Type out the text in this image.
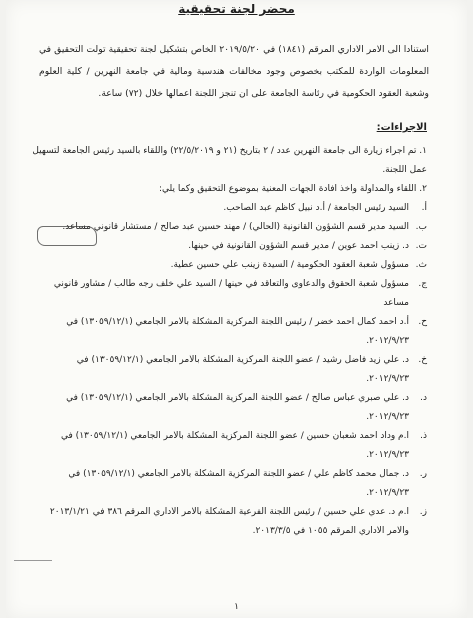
محضر لجنة تحقيقية

استنادا الى الامر الاداري المرقم (١٨٤١) في ٢٠١٩/٥/٢٠ الخاص بتشكيل لجنة تحقيقية تولت التحقيق في المعلومات الواردة للمكتب بخصوص وجود مخالفات هندسية ومالية في جامعة النهرين / كلية العلوم وشعبة العقود الحكومية في رئاسة الجامعة على ان تنجز اللجنة اعمالها خلال (٧٢) ساعة.

الاجراءات:

١. تم اجراء زيارة الى جامعة النهرين عدد / ٢ بتاريخ (٢١ و ٢٢/٥/٢٠١٩) واللقاء بالسيد رئيس الجامعة لتسهيل عمل اللجنة.

٢. اللقاء والمداولة واخذ افادة الجهات المعنية بموضوع التحقيق وكما يلي:

أ.
السيد رئيس الجامعة / أ.د نبيل كاظم عبد الصاحب.
ب.
السيد مدير قسم الشؤون القانونية (الحالي) / مهند حسين عبد صالح / مستشار قانوني مساعد.
ت.
د. زينب احمد عوين / مدير قسم الشؤون القانونية في حينها.
ث.
مسؤول شعبة العقود الحكومية / السيدة زينب علي حسين عطية.
ج.
مسؤول شعبة الحقوق والدعاوى والتعاقد في حينها / السيد علي خلف رجه طالب / مشاور قانوني مساعد
ح.
أ.د احمد كمال احمد خضر / رئيس اللجنة المركزية المشكلة بالامر الجامعي (١٣٠٥٩/١٢/١) في ٢٠١٢/٩/٢٣.
خ.
د. علي زيد فاضل رشيد / عضو اللجنة المركزية المشكلة بالامر الجامعي (١٣٠٥٩/١٢/١) في ٢٠١٢/٩/٢٣.
د.
د. علي صبري عباس صالح / عضو اللجنة المركزية المشكلة بالامر الجامعي (١٣٠٥٩/١٢/١) في ٢٠١٢/٩/٢٣.
ذ.
ا.م وداد احمد شعبان حسين / عضو اللجنة المركزية المشكلة بالامر الجامعي (١٣٠٥٩/١٢/١) في ٢٠١٢/٩/٢٣.
ر.
د. جمال محمد كاظم علي / عضو اللجنة المركزية المشكلة بالامر الجامعي (١٣٠٥٩/١٢/١) في ٢٠١٢/٩/٢٣.
ز.
ا.م د. عدي علي حسين / رئيس اللجنة الفرعية المشكلة بالامر الاداري المرقم ٣٨٦ في ٢٠١٣/١/٢١ والامر الاداري المرقم ١٠٥٥ في ٢٠١٣/٣/٥.
١
